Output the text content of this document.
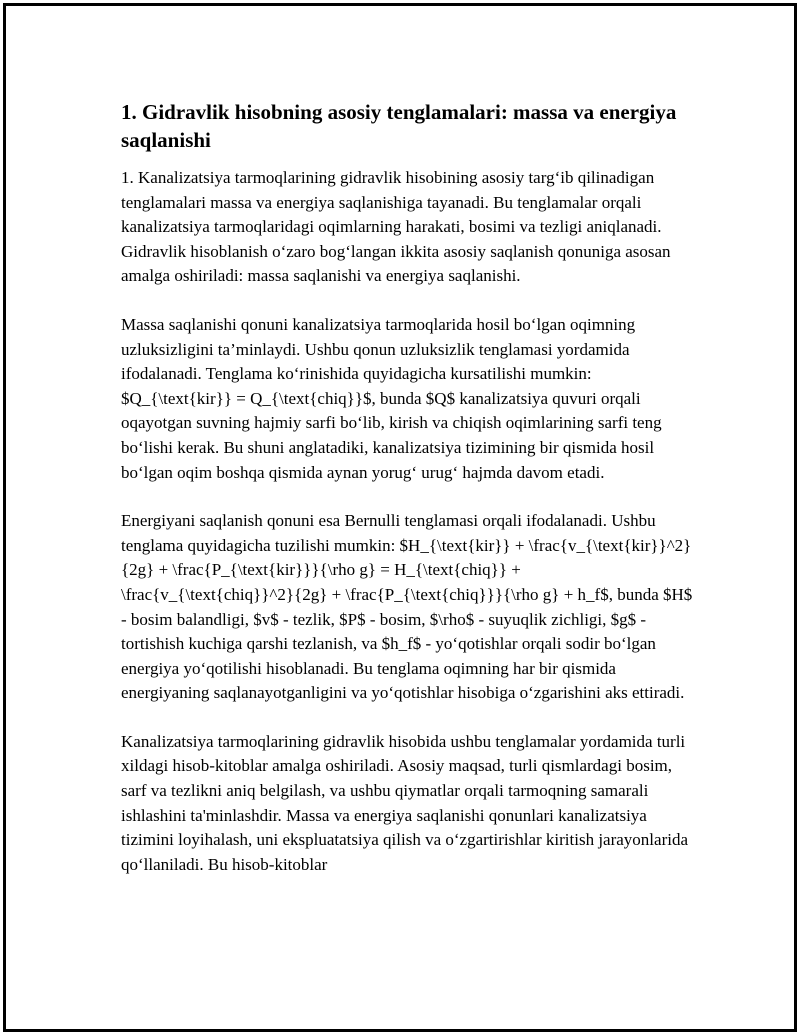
1. Gidravlik hisobning asosiy tenglamalari: massa va energiya saqlanishi

1. Kanalizatsiya tarmoqlarining gidravlik hisobining asosiy targ‘ib qilinadigan tenglamalari massa va energiya saqlanishiga tayanadi. Bu tenglamalar orqali kanalizatsiya tarmoqlaridagi oqimlarning harakati, bosimi va tezligi aniqlanadi. Gidravlik hisoblanish o‘zaro bog‘langan ikkita asosiy saqlanish qonuniga asosan amalga oshiriladi: massa saqlanishi va energiya saqlanishi.

Massa saqlanishi qonuni kanalizatsiya tarmoqlarida hosil bo‘lgan oqimning uzluksizligini ta’minlaydi. Ushbu qonun uzluksizlik tenglamasi yordamida ifodalanadi. Tenglama ko‘rinishida quyidagicha kursatilishi mumkin: $Q_{\text{kir}} = Q_{\text{chiq}}$, bunda $Q$ kanalizatsiya quvuri orqali oqayotgan suvning hajmiy sarfi bo‘lib, kirish va chiqish oqimlarining sarfi teng bo‘lishi kerak. Bu shuni anglatadiki, kanalizatsiya tizimining bir qismida hosil bo‘lgan oqim boshqa qismida aynan yorug‘ urug‘ hajmda davom etadi.

Energiyani saqlanish qonuni esa Bernulli tenglamasi orqali ifodalanadi. Ushbu tenglama quyidagicha tuzilishi mumkin: $H_{\text{kir}} + \frac{v_{\text{kir}}^2}{2g} + \frac{P_{\text{kir}}}{\rho g} = H_{\text{chiq}} + \frac{v_{\text{chiq}}^2}{2g} + \frac{P_{\text{chiq}}}{\rho g} + h_f$, bunda $H$ - bosim balandligi, $v$ - tezlik, $P$ - bosim, $\rho$ - suyuqlik zichligi, $g$ - tortishish kuchiga qarshi tezlanish, va $h_f$ - yo‘qotishlar orqali sodir bo‘lgan energiya yo‘qotilishi hisoblanadi. Bu tenglama oqimning har bir qismida energiyaning saqlanayotganligini va yo‘qotishlar hisobiga o‘zgarishini aks ettiradi.

Kanalizatsiya tarmoqlarining gidravlik hisobida ushbu tenglamalar yordamida turli xildagi hisob-kitoblar amalga oshiriladi. Asosiy maqsad, turli qismlardagi bosim, sarf va tezlikni aniq belgilash, va ushbu qiymatlar orqali tarmoqning samarali ishlashini ta'minlashdir. Massa va energiya saqlanishi qonunlari kanalizatsiya tizimini loyihalash, uni ekspluatatsiya qilish va o‘zgartirishlar kiritish jarayonlarida qo‘llaniladi. Bu hisob-kitoblar
